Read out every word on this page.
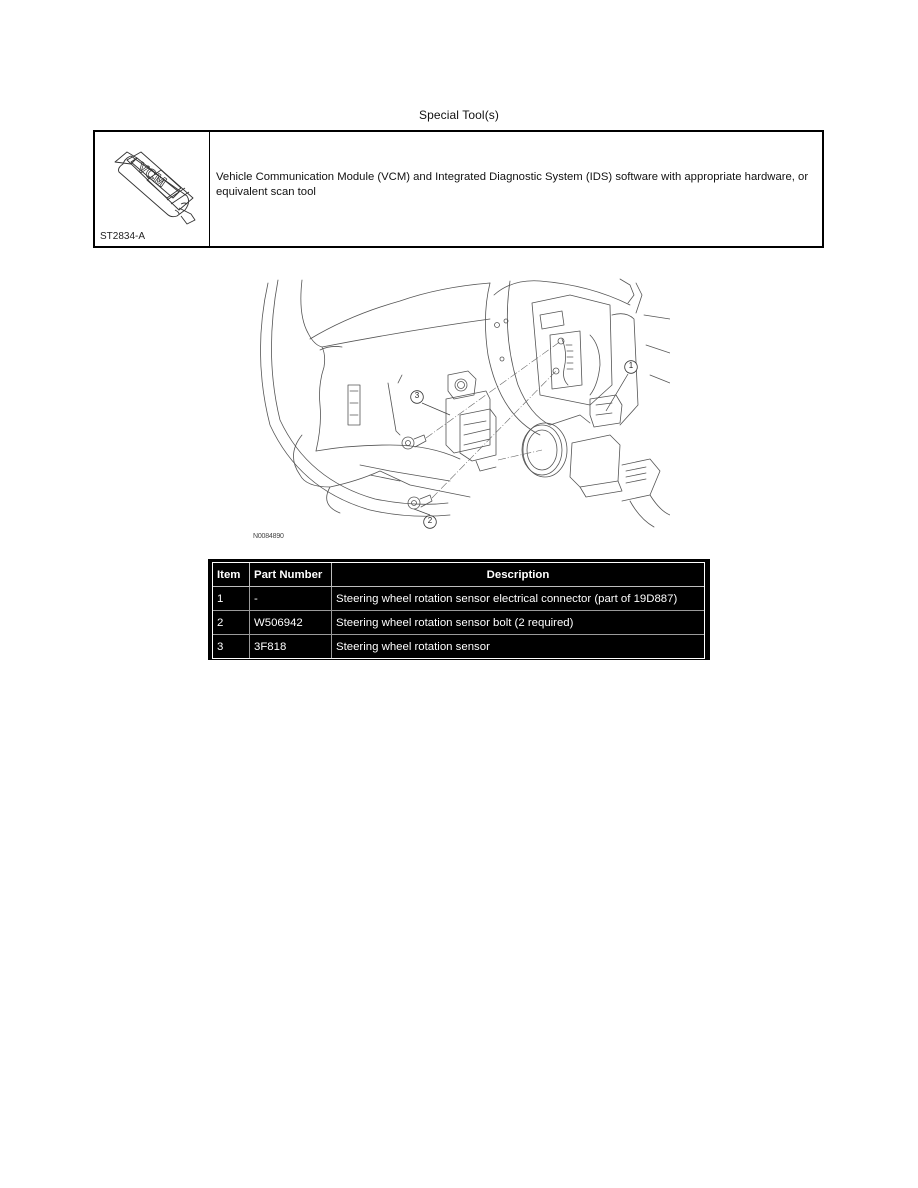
Special Tool(s)
VCM
ST2834-A
Vehicle Communication Module (VCM) and Integrated Diagnostic System (IDS) software with appropriate hardware, or equivalent scan tool
1
2
3
N0084890
Item	Part Number	Description
1	-	Steering wheel rotation sensor electrical connector (part of 19D887)
2	W506942	Steering wheel rotation sensor bolt (2 required)
3	3F818	Steering wheel rotation sensor
